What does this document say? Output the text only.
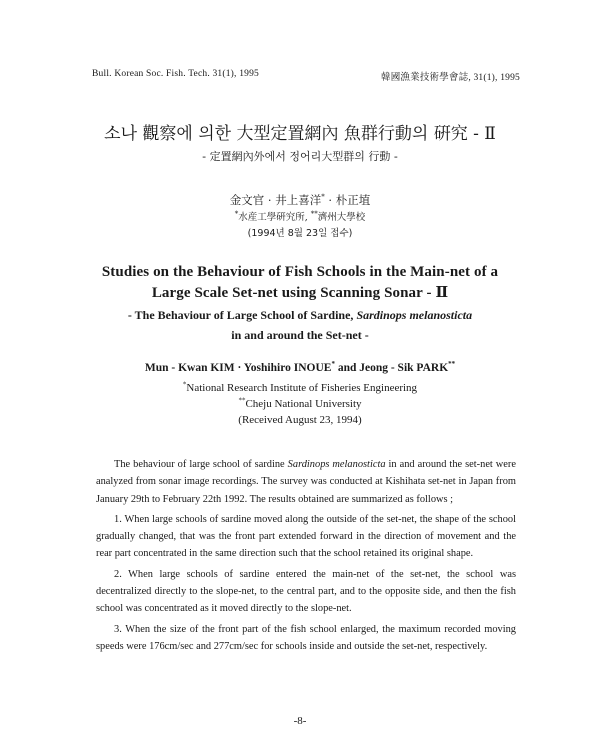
Bull. Korean Soc. Fish. Tech. 31(1), 1995	韓國漁業技術學會誌, 31(1), 1995
소나 觀察에 의한 大型定置網內 魚群行動의 硏究 - Ⅱ
- 定置網內外에서 정어리大型群의 行動 -
金文官 · 井上喜洋* · 朴正埴
*水産工學硏究所, **濟州大學校
(1994년 8월 23일 접수)
Studies on the Behaviour of Fish Schools in the Main-net of a
Large Scale Set-net using Scanning Sonar - Ⅱ
- The Behaviour of Large School of Sardine, Sardinops melanosticta
in and around the Set-net -
Mun - Kwan KIM · Yoshihiro INOUE* and Jeong - Sik PARK**
*National Research Institute of Fisheries Engineering
**Cheju National University
(Received August 23, 1994)

The behaviour of large school of sardine Sardinops melanosticta in and around the set-net were analyzed from sonar image recordings. The survey was conducted at Kishihata set-net in Japan from January 29th to February 22th 1992. The results obtained are summarized as follows ;

1. When large schools of sardine moved along the outside of the set-net, the shape of the school gradually changed, that was the front part extended forward in the direction of movement and the rear part concentrated in the same direction such that the school retained its original shape.

2. When large schools of sardine entered the main-net of the set-net, the school was decentralized directly to the slope-net, to the central part, and to the opposite side, and then the fish school was concentrated as it moved directly to the slope-net.

3. When the size of the front part of the fish school enlarged, the maximum recorded moving speeds were 176cm/sec and 277cm/sec for schools inside and outside the set-net, respectively.

-8-
